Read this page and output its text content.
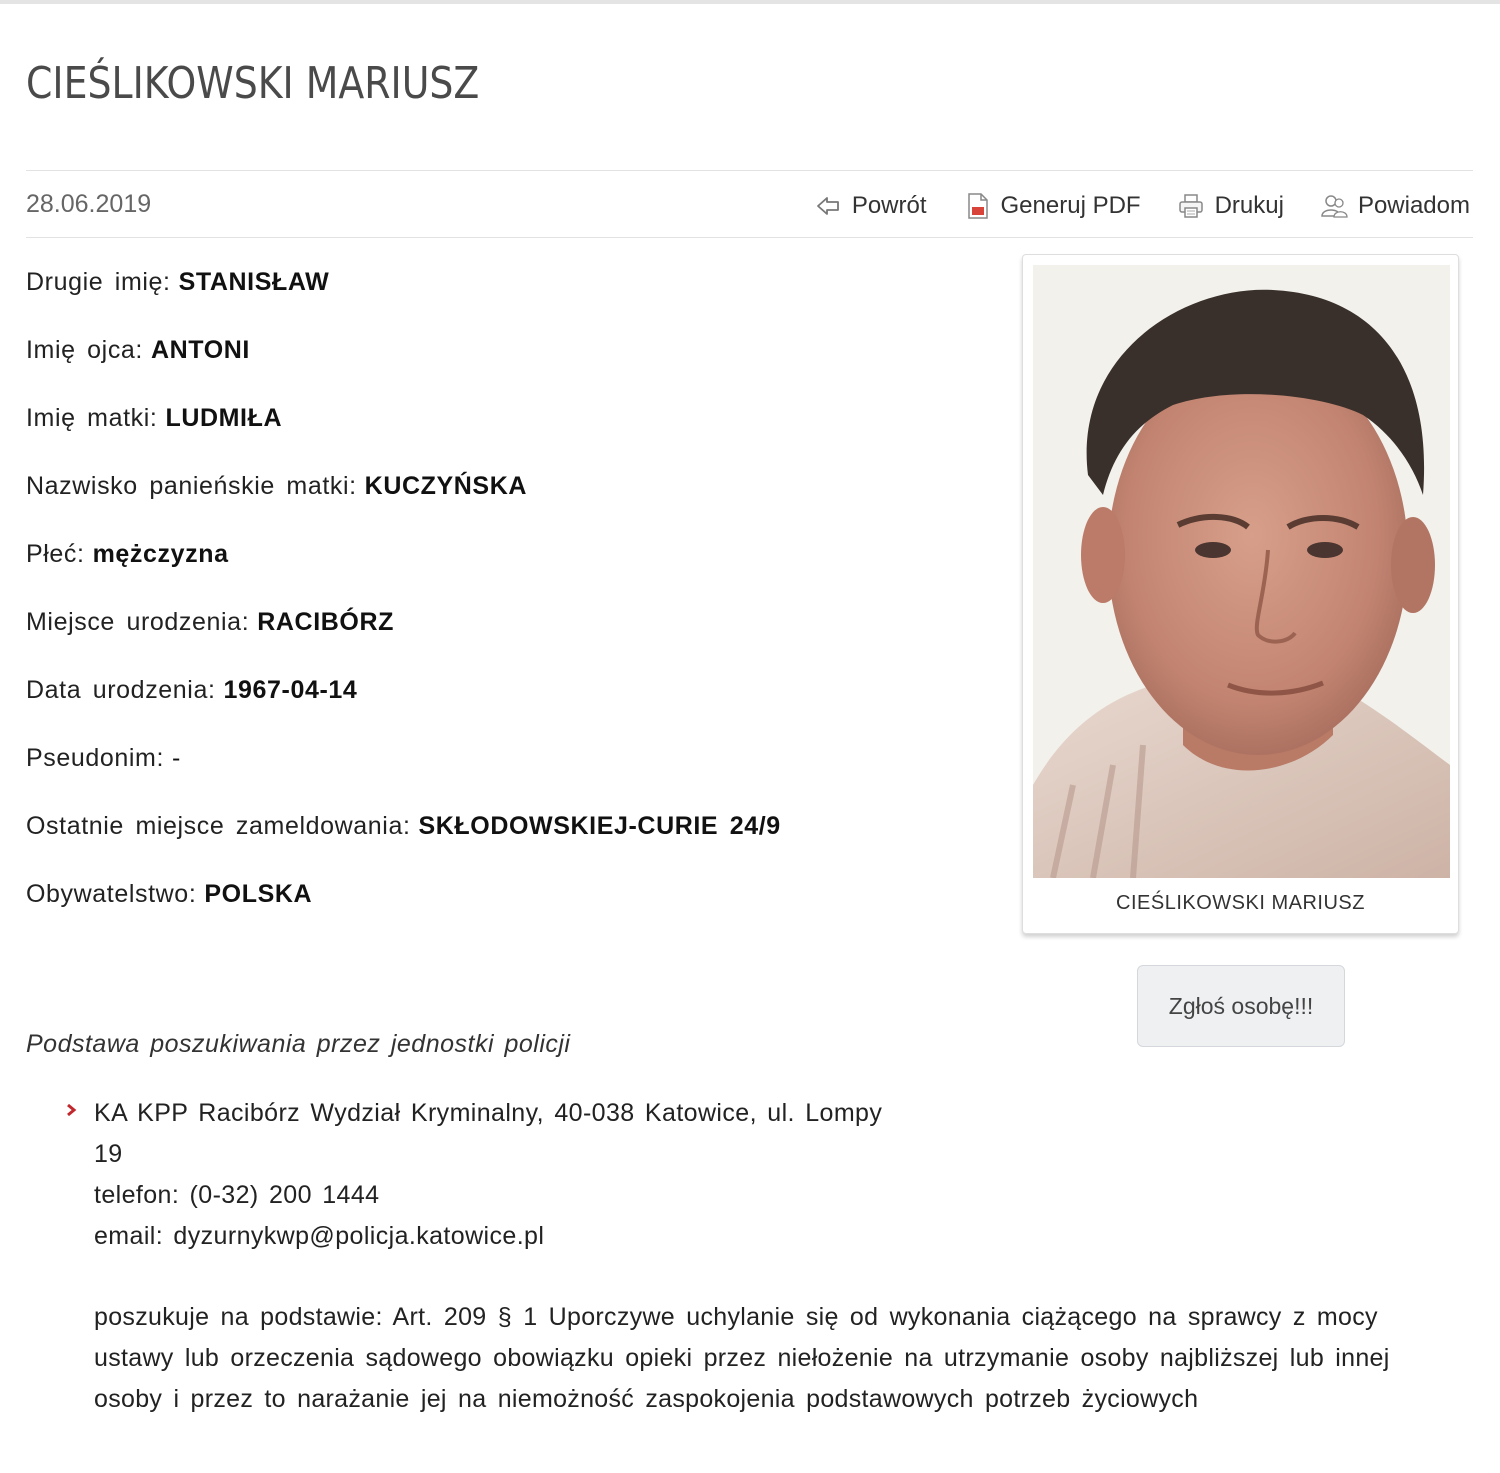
CIEŚLIKOWSKI MARIUSZ
28.06.2019	Powrót	Generuj PDF	Drukuj	Powiadom
Drugie imię: STANISŁAW
Imię ojca: ANTONI
Imię matki: LUDMIŁA
Nazwisko panieńskie matki: KUCZYŃSKA
Płeć: mężczyzna
Miejsce urodzenia: RACIBÓRZ
Data urodzenia: 1967-04-14
Pseudonim: -
Ostatnie miejsce zameldowania: SKŁODOWSKIEJ-CURIE 24/9
Obywatelstwo: POLSKA	CIEŚLIKOWSKI MARIUSZ
Zgłoś osobę!!!
Podstawa poszukiwania przez jednostki policji
KA KPP Racibórz Wydział Kryminalny, 40-038 Katowice, ul. Lompy
19
telefon: (0-32) 200 1444
email: dyzurnykwp@policja.katowice.pl
poszukuje na podstawie: Art. 209 § 1 Uporczywe uchylanie się od wykonania ciążącego na sprawcy z mocy ustawy lub orzeczenia sądowego obowiązku opieki przez niełożenie na utrzymanie osoby najbliższej lub innej osoby i przez to narażanie jej na niemożność zaspokojenia podstawowych potrzeb życiowych
